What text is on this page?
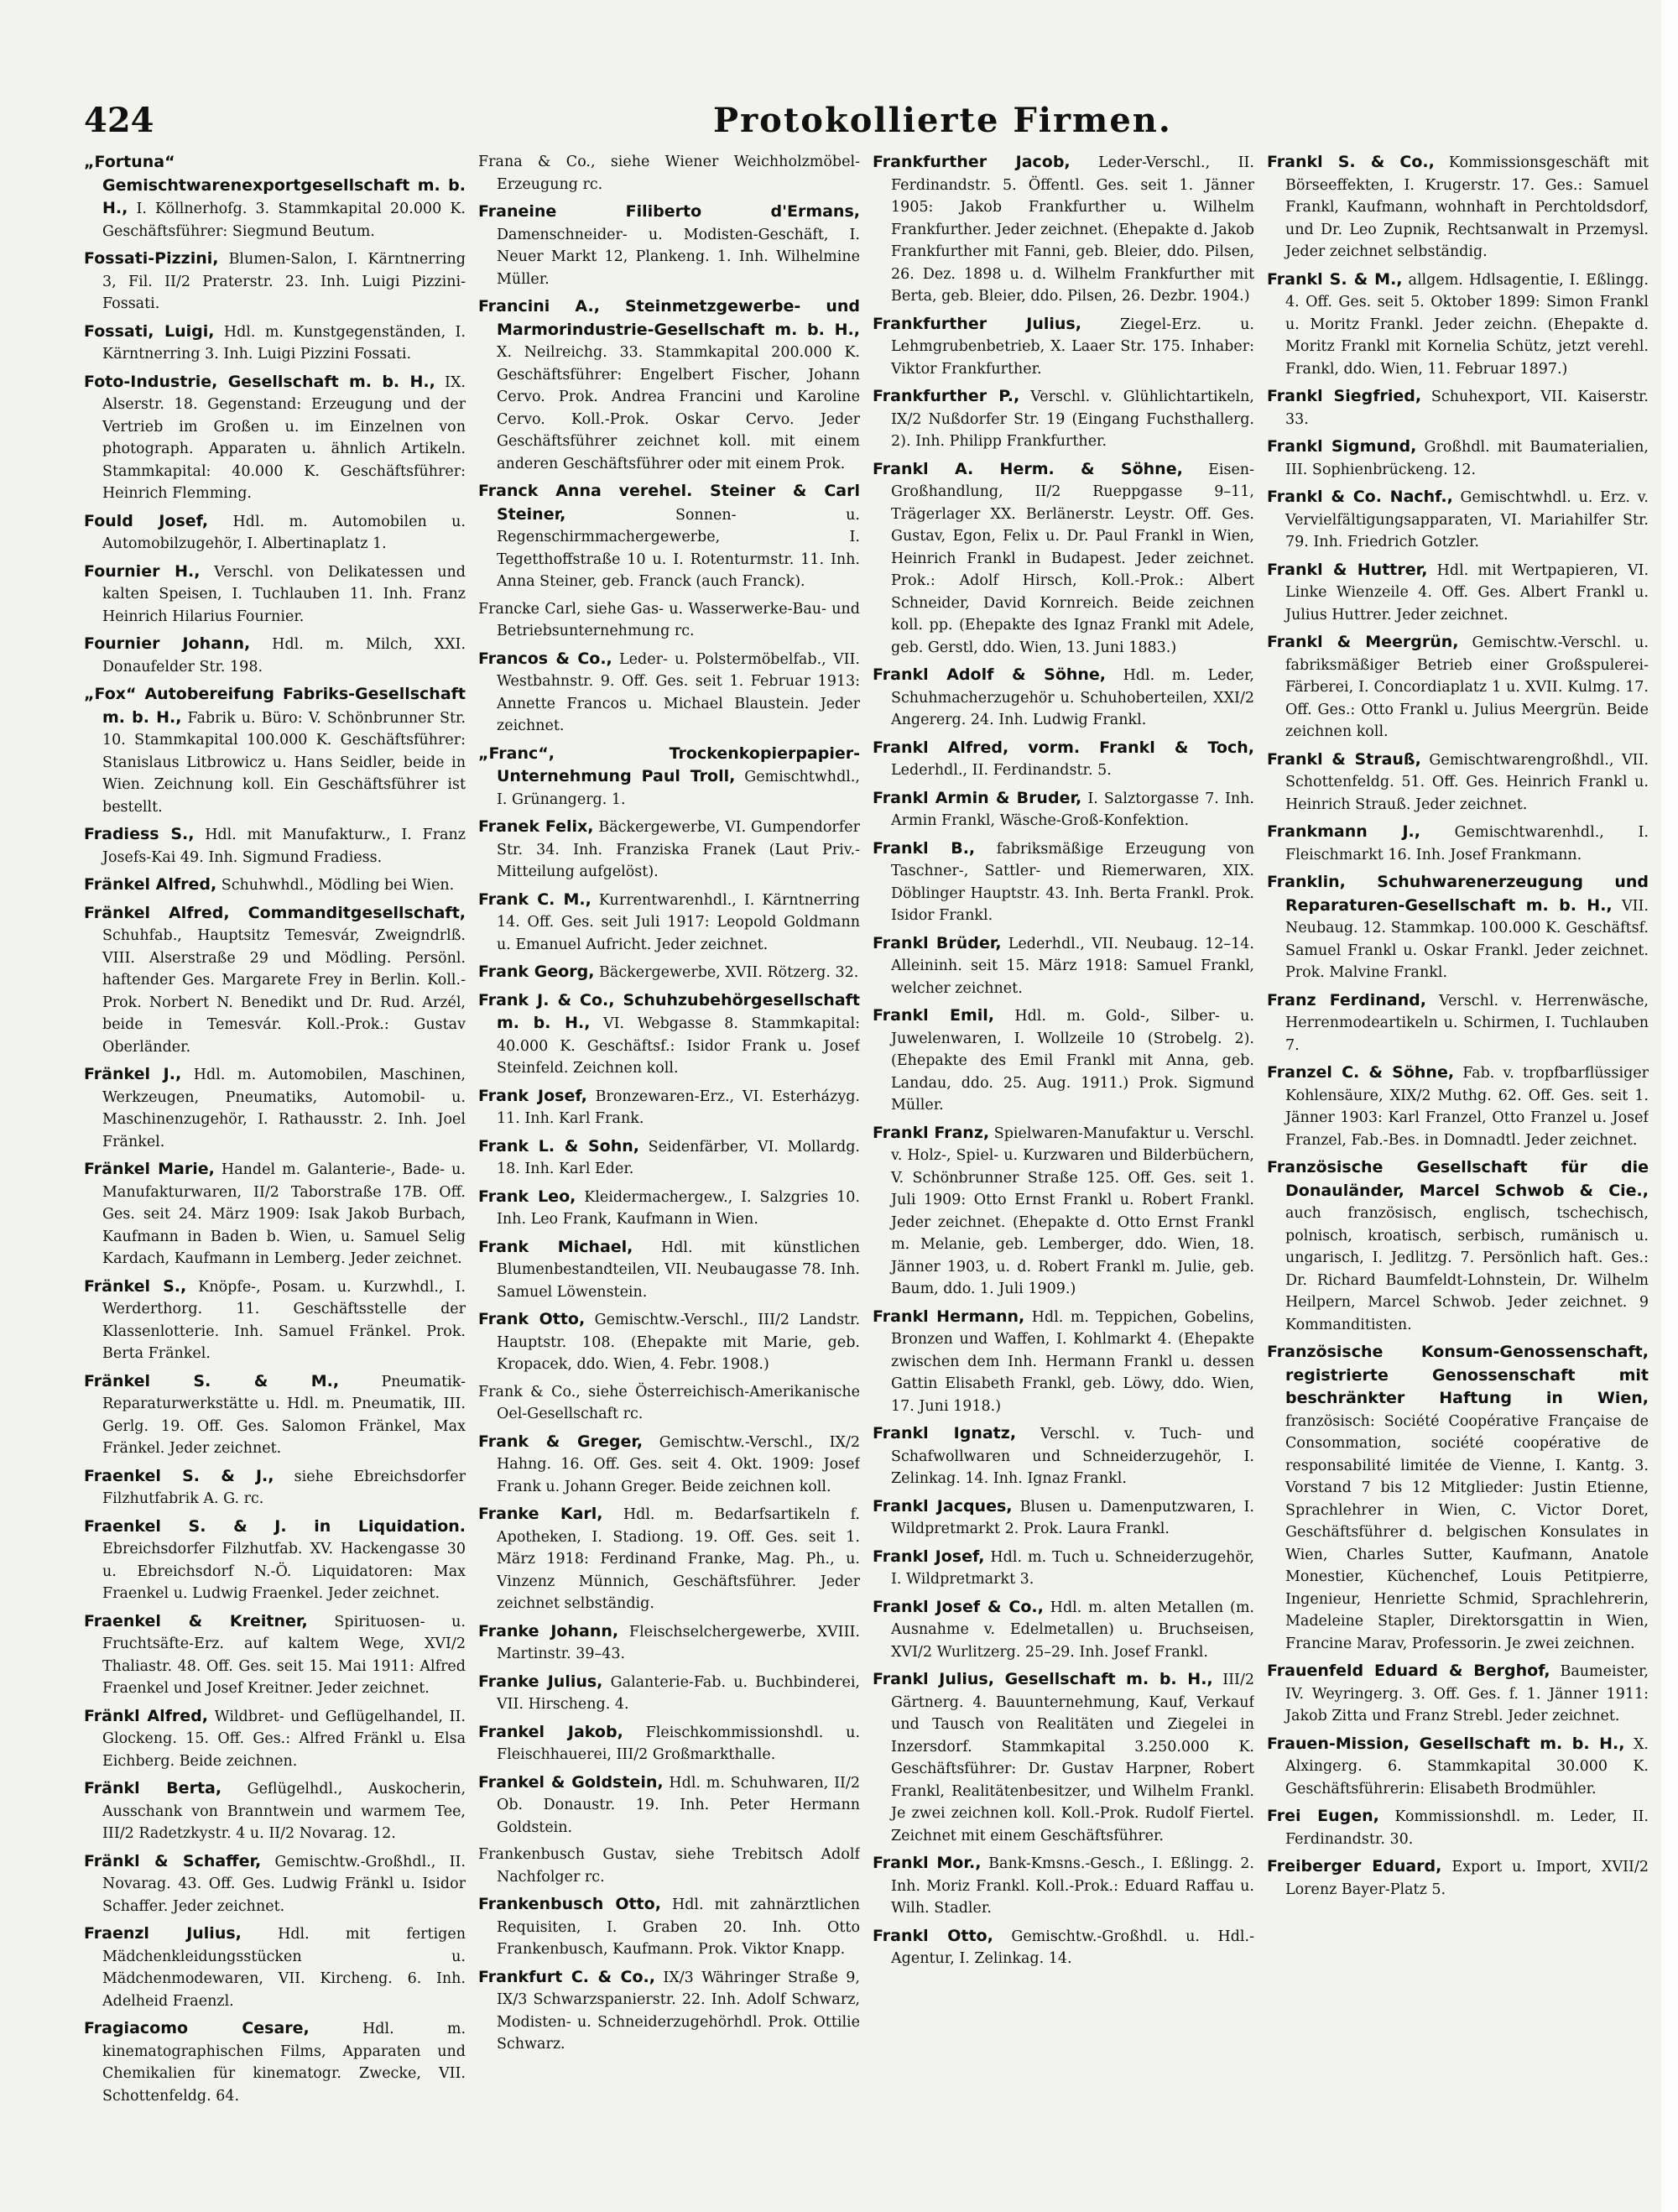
424	Protokollierte Firmen.

„Fortuna“ Gemischtwarenexportgesellschaft m. b. H., I. Köllnerhofg. 3. Stammkapital 20.000 K. Geschäftsführer: Siegmund Beutum.

Fossati-Pizzini, Blumen-Salon, I. Kärntnerring 3, Fil. II/2 Praterstr. 23. Inh. Luigi Pizzini-Fossati.

Fossati, Luigi, Hdl. m. Kunstgegenständen, I. Kärntnerring 3. Inh. Luigi Pizzini Fossati.

Foto-Industrie, Gesellschaft m. b. H., IX. Alserstr. 18. Gegenstand: Erzeugung und der Vertrieb im Großen u. im Einzelnen von photograph. Apparaten u. ähnlich Artikeln. Stammkapital: 40.000 K. Geschäftsführer: Heinrich Flemming.

Fould Josef, Hdl. m. Automobilen u. Automobilzugehör, I. Albertinaplatz 1.

Fournier H., Verschl. von Delikatessen und kalten Speisen, I. Tuchlauben 11. Inh. Franz Heinrich Hilarius Fournier.

Fournier Johann, Hdl. m. Milch, XXI. Donaufelder Str. 198.

„Fox“ Autobereifung Fabriks-Gesellschaft m. b. H., Fabrik u. Büro: V. Schönbrunner Str. 10. Stammkapital 100.000 K. Geschäftsführer: Stanislaus Litbrowicz u. Hans Seidler, beide in Wien. Zeichnung koll. Ein Geschäftsführer ist bestellt.

Fradiess S., Hdl. mit Manufakturw., I. Franz Josefs-Kai 49. Inh. Sigmund Fradiess.

Fränkel Alfred, Schuhwhdl., Mödling bei Wien.

Fränkel Alfred, Commanditgesellschaft, Schuhfab., Hauptsitz Temesvár, Zweigndrlß. VIII. Alserstraße 29 und Mödling. Persönl. haftender Ges. Margarete Frey in Berlin. Koll.-Prok. Norbert N. Benedikt und Dr. Rud. Arzél, beide in Temesvár. Koll.-Prok.: Gustav Oberländer.

Fränkel J., Hdl. m. Automobilen, Maschinen, Werkzeugen, Pneumatiks, Automobil- u. Maschinenzugehör, I. Rathausstr. 2. Inh. Joel Fränkel.

Fränkel Marie, Handel m. Galanterie-, Bade- u. Manufakturwaren, II/2 Taborstraße 17B. Off. Ges. seit 24. März 1909: Isak Jakob Burbach, Kaufmann in Baden b. Wien, u. Samuel Selig Kardach, Kaufmann in Lemberg. Jeder zeichnet.

Fränkel S., Knöpfe-, Posam. u. Kurzwhdl., I. Werderthorg. 11. Geschäftsstelle der Klassenlotterie. Inh. Samuel Fränkel. Prok. Berta Fränkel.

Fränkel S. & M., Pneumatik-Reparaturwerkstätte u. Hdl. m. Pneumatik, III. Gerlg. 19. Off. Ges. Salomon Fränkel, Max Fränkel. Jeder zeichnet.

Fraenkel S. & J., siehe Ebreichsdorfer Filzhutfabrik A. G. rc.

Fraenkel S. & J. in Liquidation. Ebreichsdorfer Filzhutfab. XV. Hackengasse 30 u. Ebreichsdorf N.-Ö. Liquidatoren: Max Fraenkel u. Ludwig Fraenkel. Jeder zeichnet.

Fraenkel & Kreitner, Spirituosen- u. Fruchtsäfte-Erz. auf kaltem Wege, XVI/2 Thaliastr. 48. Off. Ges. seit 15. Mai 1911: Alfred Fraenkel und Josef Kreitner. Jeder zeichnet.

Fränkl Alfred, Wildbret- und Geflügelhandel, II. Glockeng. 15. Off. Ges.: Alfred Fränkl u. Elsa Eichberg. Beide zeichnen.

Fränkl Berta, Geflügelhdl., Auskocherin, Ausschank von Branntwein und warmem Tee, III/2 Radetzkystr. 4 u. II/2 Novarag. 12.

Fränkl & Schaffer, Gemischtw.-Großhdl., II. Novarag. 43. Off. Ges. Ludwig Fränkl u. Isidor Schaffer. Jeder zeichnet.

Fraenzl Julius, Hdl. mit fertigen Mädchenkleidungsstücken u. Mädchenmodewaren, VII. Kircheng. 6. Inh. Adelheid Fraenzl.

Fragiacomo Cesare, Hdl. m. kinematographischen Films, Apparaten und Chemikalien für kinematogr. Zwecke, VII. Schottenfeldg. 64.

Frana & Co., siehe Wiener Weichholzmöbel-Erzeugung rc.

Franeine Filiberto d'Ermans, Damenschneider- u. Modisten-Geschäft, I. Neuer Markt 12, Plankeng. 1. Inh. Wilhelmine Müller.

Francini A., Steinmetzgewerbe- und Marmorindustrie-Gesellschaft m. b. H., X. Neilreichg. 33. Stammkapital 200.000 K. Geschäftsführer: Engelbert Fischer, Johann Cervo. Prok. Andrea Francini und Karoline Cervo. Koll.-Prok. Oskar Cervo. Jeder Geschäftsführer zeichnet koll. mit einem anderen Geschäftsführer oder mit einem Prok.

Franck Anna verehel. Steiner & Carl Steiner, Sonnen- u. Regenschirmmachergewerbe, I. Tegetthoffstraße 10 u. I. Rotenturmstr. 11. Inh. Anna Steiner, geb. Franck (auch Franck).

Francke Carl, siehe Gas- u. Wasserwerke-Bau- und Betriebsunternehmung rc.

Francos & Co., Leder- u. Polstermöbelfab., VII. Westbahnstr. 9. Off. Ges. seit 1. Februar 1913: Annette Francos u. Michael Blaustein. Jeder zeichnet.

„Franc“, Trockenkopierpapier-Unternehmung Paul Troll, Gemischtwhdl., I. Grünangerg. 1.

Franek Felix, Bäckergewerbe, VI. Gumpendorfer Str. 34. Inh. Franziska Franek (Laut Priv.-Mitteilung aufgelöst).

Frank C. M., Kurrentwarenhdl., I. Kärntnerring 14. Off. Ges. seit Juli 1917: Leopold Goldmann u. Emanuel Aufricht. Jeder zeichnet.

Frank Georg, Bäckergewerbe, XVII. Rötzerg. 32.

Frank J. & Co., Schuhzubehörgesellschaft m. b. H., VI. Webgasse 8. Stammkapital: 40.000 K. Geschäftsf.: Isidor Frank u. Josef Steinfeld. Zeichnen koll.

Frank Josef, Bronzewaren-Erz., VI. Esterházyg. 11. Inh. Karl Frank.

Frank L. & Sohn, Seidenfärber, VI. Mollardg. 18. Inh. Karl Eder.

Frank Leo, Kleidermachergew., I. Salzgries 10. Inh. Leo Frank, Kaufmann in Wien.

Frank Michael, Hdl. mit künstlichen Blumenbestandteilen, VII. Neubaugasse 78. Inh. Samuel Löwenstein.

Frank Otto, Gemischtw.-Verschl., III/2 Landstr. Hauptstr. 108. (Ehepakte mit Marie, geb. Kropacek, ddo. Wien, 4. Febr. 1908.)

Frank & Co., siehe Österreichisch-Amerikanische Oel-Gesellschaft rc.

Frank & Greger, Gemischtw.-Verschl., IX/2 Hahng. 16. Off. Ges. seit 4. Okt. 1909: Josef Frank u. Johann Greger. Beide zeichnen koll.

Franke Karl, Hdl. m. Bedarfsartikeln f. Apotheken, I. Stadiong. 19. Off. Ges. seit 1. März 1918: Ferdinand Franke, Mag. Ph., u. Vinzenz Münnich, Geschäftsführer. Jeder zeichnet selbständig.

Franke Johann, Fleischselchergewerbe, XVIII. Martinstr. 39–43.

Franke Julius, Galanterie-Fab. u. Buchbinderei, VII. Hirscheng. 4.

Frankel Jakob, Fleischkommissionshdl. u. Fleischhauerei, III/2 Großmarkthalle.

Frankel & Goldstein, Hdl. m. Schuhwaren, II/2 Ob. Donaustr. 19. Inh. Peter Hermann Goldstein.

Frankenbusch Gustav, siehe Trebitsch Adolf Nachfolger rc.

Frankenbusch Otto, Hdl. mit zahnärztlichen Requisiten, I. Graben 20. Inh. Otto Frankenbusch, Kaufmann. Prok. Viktor Knapp.

Frankfurt C. & Co., IX/3 Währinger Straße 9, IX/3 Schwarzspanierstr. 22. Inh. Adolf Schwarz, Modisten- u. Schneiderzugehörhdl. Prok. Ottilie Schwarz.

Frankfurther Jacob, Leder-Verschl., II. Ferdinandstr. 5. Öffentl. Ges. seit 1. Jänner 1905: Jakob Frankfurther u. Wilhelm Frankfurther. Jeder zeichnet. (Ehepakte d. Jakob Frankfurther mit Fanni, geb. Bleier, ddo. Pilsen, 26. Dez. 1898 u. d. Wilhelm Frankfurther mit Berta, geb. Bleier, ddo. Pilsen, 26. Dezbr. 1904.)

Frankfurther Julius, Ziegel-Erz. u. Lehmgrubenbetrieb, X. Laaer Str. 175. Inhaber: Viktor Frankfurther.

Frankfurther P., Verschl. v. Glühlichtartikeln, IX/2 Nußdorfer Str. 19 (Eingang Fuchsthallerg. 2). Inh. Philipp Frankfurther.

Frankl A. Herm. & Söhne, Eisen-Großhandlung, II/2 Rueppgasse 9–11, Trägerlager XX. Berlänerstr. Leystr. Off. Ges. Gustav, Egon, Felix u. Dr. Paul Frankl in Wien, Heinrich Frankl in Budapest. Jeder zeichnet. Prok.: Adolf Hirsch, Koll.-Prok.: Albert Schneider, David Kornreich. Beide zeichnen koll. pp. (Ehepakte des Ignaz Frankl mit Adele, geb. Gerstl, ddo. Wien, 13. Juni 1883.)

Frankl Adolf & Söhne, Hdl. m. Leder, Schuhmacherzugehör u. Schuhoberteilen, XXI/2 Angererg. 24. Inh. Ludwig Frankl.

Frankl Alfred, vorm. Frankl & Toch, Lederhdl., II. Ferdinandstr. 5.

Frankl Armin & Bruder, I. Salztorgasse 7. Inh. Armin Frankl, Wäsche-Groß-Konfektion.

Frankl B., fabriksmäßige Erzeugung von Taschner-, Sattler- und Riemerwaren, XIX. Döblinger Hauptstr. 43. Inh. Berta Frankl. Prok. Isidor Frankl.

Frankl Brüder, Lederhdl., VII. Neubaug. 12–14. Alleininh. seit 15. März 1918: Samuel Frankl, welcher zeichnet.

Frankl Emil, Hdl. m. Gold-, Silber- u. Juwelenwaren, I. Wollzeile 10 (Strobelg. 2). (Ehepakte des Emil Frankl mit Anna, geb. Landau, ddo. 25. Aug. 1911.) Prok. Sigmund Müller.

Frankl Franz, Spielwaren-Manufaktur u. Verschl. v. Holz-, Spiel- u. Kurzwaren und Bilderbüchern, V. Schönbrunner Straße 125. Off. Ges. seit 1. Juli 1909: Otto Ernst Frankl u. Robert Frankl. Jeder zeichnet. (Ehepakte d. Otto Ernst Frankl m. Melanie, geb. Lemberger, ddo. Wien, 18. Jänner 1903, u. d. Robert Frankl m. Julie, geb. Baum, ddo. 1. Juli 1909.)

Frankl Hermann, Hdl. m. Teppichen, Gobelins, Bronzen und Waffen, I. Kohlmarkt 4. (Ehepakte zwischen dem Inh. Hermann Frankl u. dessen Gattin Elisabeth Frankl, geb. Löwy, ddo. Wien, 17. Juni 1918.)

Frankl Ignatz, Verschl. v. Tuch- und Schafwollwaren und Schneiderzugehör, I. Zelinkag. 14. Inh. Ignaz Frankl.

Frankl Jacques, Blusen u. Damenputzwaren, I. Wildpretmarkt 2. Prok. Laura Frankl.

Frankl Josef, Hdl. m. Tuch u. Schneiderzugehör, I. Wildpretmarkt 3.

Frankl Josef & Co., Hdl. m. alten Metallen (m. Ausnahme v. Edelmetallen) u. Bruchseisen, XVI/2 Wurlitzerg. 25–29. Inh. Josef Frankl.

Frankl Julius, Gesellschaft m. b. H., III/2 Gärtnerg. 4. Bauunternehmung, Kauf, Verkauf und Tausch von Realitäten und Ziegelei in Inzersdorf. Stammkapital 3.250.000 K. Geschäftsführer: Dr. Gustav Harpner, Robert Frankl, Realitätenbesitzer, und Wilhelm Frankl. Je zwei zeichnen koll. Koll.-Prok. Rudolf Fiertel. Zeichnet mit einem Geschäftsführer.

Frankl Mor., Bank-Kmsns.-Gesch., I. Eßlingg. 2. Inh. Moriz Frankl. Koll.-Prok.: Eduard Raffau u. Wilh. Stadler.

Frankl Otto, Gemischtw.-Großhdl. u. Hdl.-Agentur, I. Zelinkag. 14.

Frankl S. & Co., Kommissionsgeschäft mit Börseeffekten, I. Krugerstr. 17. Ges.: Samuel Frankl, Kaufmann, wohnhaft in Perchtoldsdorf, und Dr. Leo Zupnik, Rechtsanwalt in Przemysl. Jeder zeichnet selbständig.

Frankl S. & M., allgem. Hdlsagentie, I. Eßlingg. 4. Off. Ges. seit 5. Oktober 1899: Simon Frankl u. Moritz Frankl. Jeder zeichn. (Ehepakte d. Moritz Frankl mit Kornelia Schütz, jetzt verehl. Frankl, ddo. Wien, 11. Februar 1897.)

Frankl Siegfried, Schuhexport, VII. Kaiserstr. 33.

Frankl Sigmund, Großhdl. mit Baumaterialien, III. Sophienbrückeng. 12.

Frankl & Co. Nachf., Gemischtwhdl. u. Erz. v. Vervielfältigungsapparaten, VI. Mariahilfer Str. 79. Inh. Friedrich Gotzler.

Frankl & Huttrer, Hdl. mit Wertpapieren, VI. Linke Wienzeile 4. Off. Ges. Albert Frankl u. Julius Huttrer. Jeder zeichnet.

Frankl & Meergrün, Gemischtw.-Verschl. u. fabriksmäßiger Betrieb einer Großspulerei-Färberei, I. Concordiaplatz 1 u. XVII. Kulmg. 17. Off. Ges.: Otto Frankl u. Julius Meergrün. Beide zeichnen koll.

Frankl & Strauß, Gemischtwarengroßhdl., VII. Schottenfeldg. 51. Off. Ges. Heinrich Frankl u. Heinrich Strauß. Jeder zeichnet.

Frankmann J., Gemischtwarenhdl., I. Fleischmarkt 16. Inh. Josef Frankmann.

Franklin, Schuhwarenerzeugung und Reparaturen-Gesellschaft m. b. H., VII. Neubaug. 12. Stammkap. 100.000 K. Geschäftsf. Samuel Frankl u. Oskar Frankl. Jeder zeichnet. Prok. Malvine Frankl.

Franz Ferdinand, Verschl. v. Herrenwäsche, Herrenmodeartikeln u. Schirmen, I. Tuchlauben 7.

Franzel C. & Söhne, Fab. v. tropfbarflüssiger Kohlensäure, XIX/2 Muthg. 62. Off. Ges. seit 1. Jänner 1903: Karl Franzel, Otto Franzel u. Josef Franzel, Fab.-Bes. in Domnadtl. Jeder zeichnet.

Französische Gesellschaft für die Donauländer, Marcel Schwob & Cie., auch französisch, englisch, tschechisch, polnisch, kroatisch, serbisch, rumänisch u. ungarisch, I. Jedlitzg. 7. Persönlich haft. Ges.: Dr. Richard Baumfeldt-Lohnstein, Dr. Wilhelm Heilpern, Marcel Schwob. Jeder zeichnet. 9 Kommanditisten.

Französische Konsum-Genossenschaft, registrierte Genossenschaft mit beschränkter Haftung in Wien, französisch: Société Coopérative Française de Consommation, société coopérative de responsabilité limitée de Vienne, I. Kantg. 3. Vorstand 7 bis 12 Mitglieder: Justin Etienne, Sprachlehrer in Wien, C. Victor Doret, Geschäftsführer d. belgischen Konsulates in Wien, Charles Sutter, Kaufmann, Anatole Monestier, Küchenchef, Louis Petitpierre, Ingenieur, Henriette Schmid, Sprachlehrerin, Madeleine Stapler, Direktorsgattin in Wien, Francine Marav, Professorin. Je zwei zeichnen.

Frauenfeld Eduard & Berghof, Baumeister, IV. Weyringerg. 3. Off. Ges. f. 1. Jänner 1911: Jakob Zitta und Franz Strebl. Jeder zeichnet.

Frauen-Mission, Gesellschaft m. b. H., X. Alxingerg. 6. Stammkapital 30.000 K. Geschäftsführerin: Elisabeth Brodmühler.

Frei Eugen, Kommissionshdl. m. Leder, II. Ferdinandstr. 30.

Freiberger Eduard, Export u. Import, XVII/2 Lorenz Bayer-Platz 5.
